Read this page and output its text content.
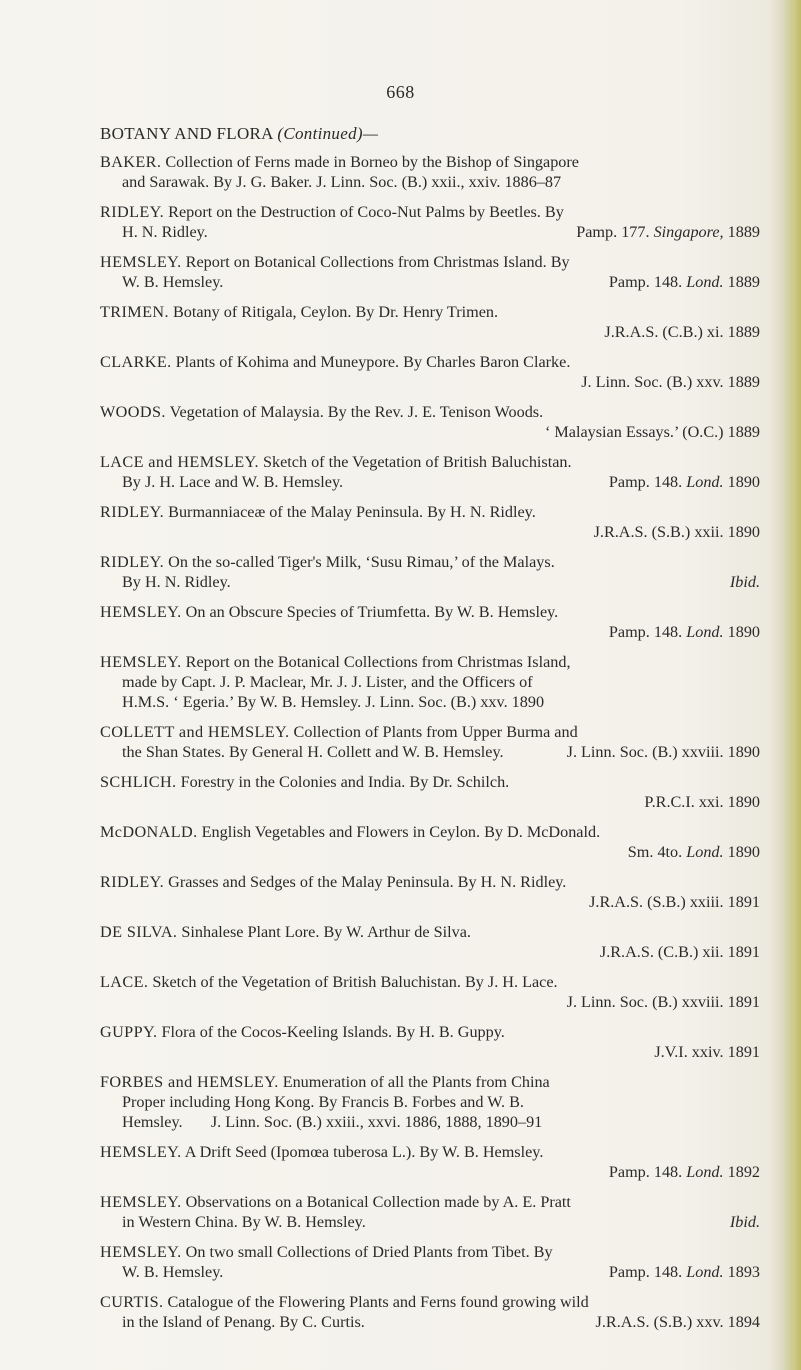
668
BOTANY AND FLORA (Continued)—
BAKER. Collection of Ferns made in Borneo by the Bishop of Singapore
and Sarawak. By J. G. Baker. J. Linn. Soc. (B.) xxii., xxiv. 1886–87
RIDLEY. Report on the Destruction of Coco-Nut Palms by Beetles. By
H. N. Ridley.	Pamp. 177. Singapore, 1889
HEMSLEY. Report on Botanical Collections from Christmas Island. By
W. B. Hemsley.	Pamp. 148. Lond. 1889
TRIMEN. Botany of Ritigala, Ceylon. By Dr. Henry Trimen.
J.R.A.S. (C.B.) xi. 1889
CLARKE. Plants of Kohima and Muneypore. By Charles Baron Clarke.
J. Linn. Soc. (B.) xxv. 1889
WOODS. Vegetation of Malaysia. By the Rev. J. E. Tenison Woods.
‘ Malaysian Essays.’ (O.C.) 1889
LACE and HEMSLEY. Sketch of the Vegetation of British Baluchistan.
By J. H. Lace and W. B. Hemsley.	Pamp. 148. Lond. 1890
RIDLEY. Burmanniaceæ of the Malay Peninsula. By H. N. Ridley.
J.R.A.S. (S.B.) xxii. 1890
RIDLEY. On the so-called Tiger's Milk, ‘Susu Rimau,’ of the Malays.
By H. N. Ridley.	Ibid.
HEMSLEY. On an Obscure Species of Triumfetta. By W. B. Hemsley.
Pamp. 148. Lond. 1890
HEMSLEY. Report on the Botanical Collections from Christmas Island,
made by Capt. J. P. Maclear, Mr. J. J. Lister, and the Officers of
H.M.S. ‘ Egeria.’ By W. B. Hemsley. J. Linn. Soc. (B.) xxv. 1890
COLLETT and HEMSLEY. Collection of Plants from Upper Burma and
the Shan States. By General H. Collett and W. B. Hemsley.	J. Linn. Soc. (B.) xxviii. 1890
SCHLICH. Forestry in the Colonies and India. By Dr. Schilch.
P.R.C.I. xxi. 1890
McDONALD. English Vegetables and Flowers in Ceylon. By D. McDonald.
Sm. 4to. Lond. 1890
RIDLEY. Grasses and Sedges of the Malay Peninsula. By H. N. Ridley.
J.R.A.S. (S.B.) xxiii. 1891
DE SILVA. Sinhalese Plant Lore. By W. Arthur de Silva.
J.R.A.S. (C.B.) xii. 1891
LACE. Sketch of the Vegetation of British Baluchistan. By J. H. Lace.
J. Linn. Soc. (B.) xxviii. 1891
GUPPY. Flora of the Cocos-Keeling Islands. By H. B. Guppy.
J.V.I. xxiv. 1891
FORBES and HEMSLEY. Enumeration of all the Plants from China
Proper including Hong Kong. By Francis B. Forbes and W. B.
Hemsley.       J. Linn. Soc. (B.) xxiii., xxvi. 1886, 1888, 1890–91
HEMSLEY. A Drift Seed (Ipomœa tuberosa L.). By W. B. Hemsley.
Pamp. 148. Lond. 1892
HEMSLEY. Observations on a Botanical Collection made by A. E. Pratt
in Western China. By W. B. Hemsley.	Ibid.
HEMSLEY. On two small Collections of Dried Plants from Tibet. By
W. B. Hemsley.	Pamp. 148. Lond. 1893
CURTIS. Catalogue of the Flowering Plants and Ferns found growing wild
in the Island of Penang. By C. Curtis.	J.R.A.S. (S.B.) xxv. 1894
